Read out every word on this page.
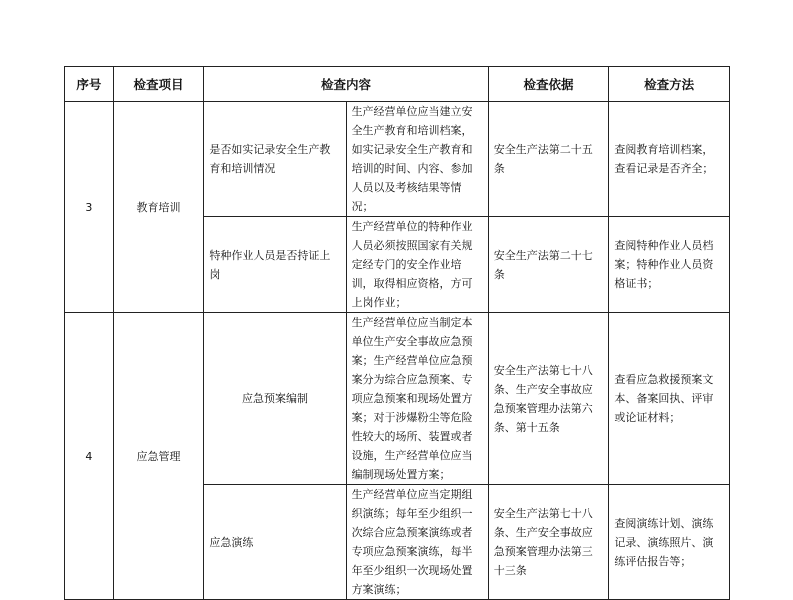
序号	检查项目	检查内容		检查依据	检查方法
3	教育培训	是否如实记录安全生产教育和培训情况	生产经营单位应当建立安全生产教育和培训档案，如实记录安全生产教育和培训的时间、内容、参加人员以及考核结果等情况；	安全生产法第二十五条	查阅教育培训档案，查看记录是否齐全；
		特种作业人员是否持证上岗	生产经营单位的特种作业人员必须按照国家有关规定经专门的安全作业培训，取得相应资格，方可上岗作业；	安全生产法第二十七条	查阅特种作业人员档案；特种作业人员资格证书；
4	应急管理	应急预案编制	生产经营单位应当制定本单位生产安全事故应急预案；生产经营单位应急预案分为综合应急预案、专项应急预案和现场处置方案；对于涉爆粉尘等危险性较大的场所、装置或者设施，生产经营单位应当编制现场处置方案；	安全生产法第七十八条、生产安全事故应急预案管理办法第六条、第十五条	查看应急救援预案文本、备案回执、评审或论证材料；
		应急演练	生产经营单位应当定期组织演练；每年至少组织一次综合应急预案演练或者专项应急预案演练，每半年至少组织一次现场处置方案演练；	安全生产法第七十八条、生产安全事故应急预案管理办法第三十三条	查阅演练计划、演练记录、演练照片、演练评估报告等；
